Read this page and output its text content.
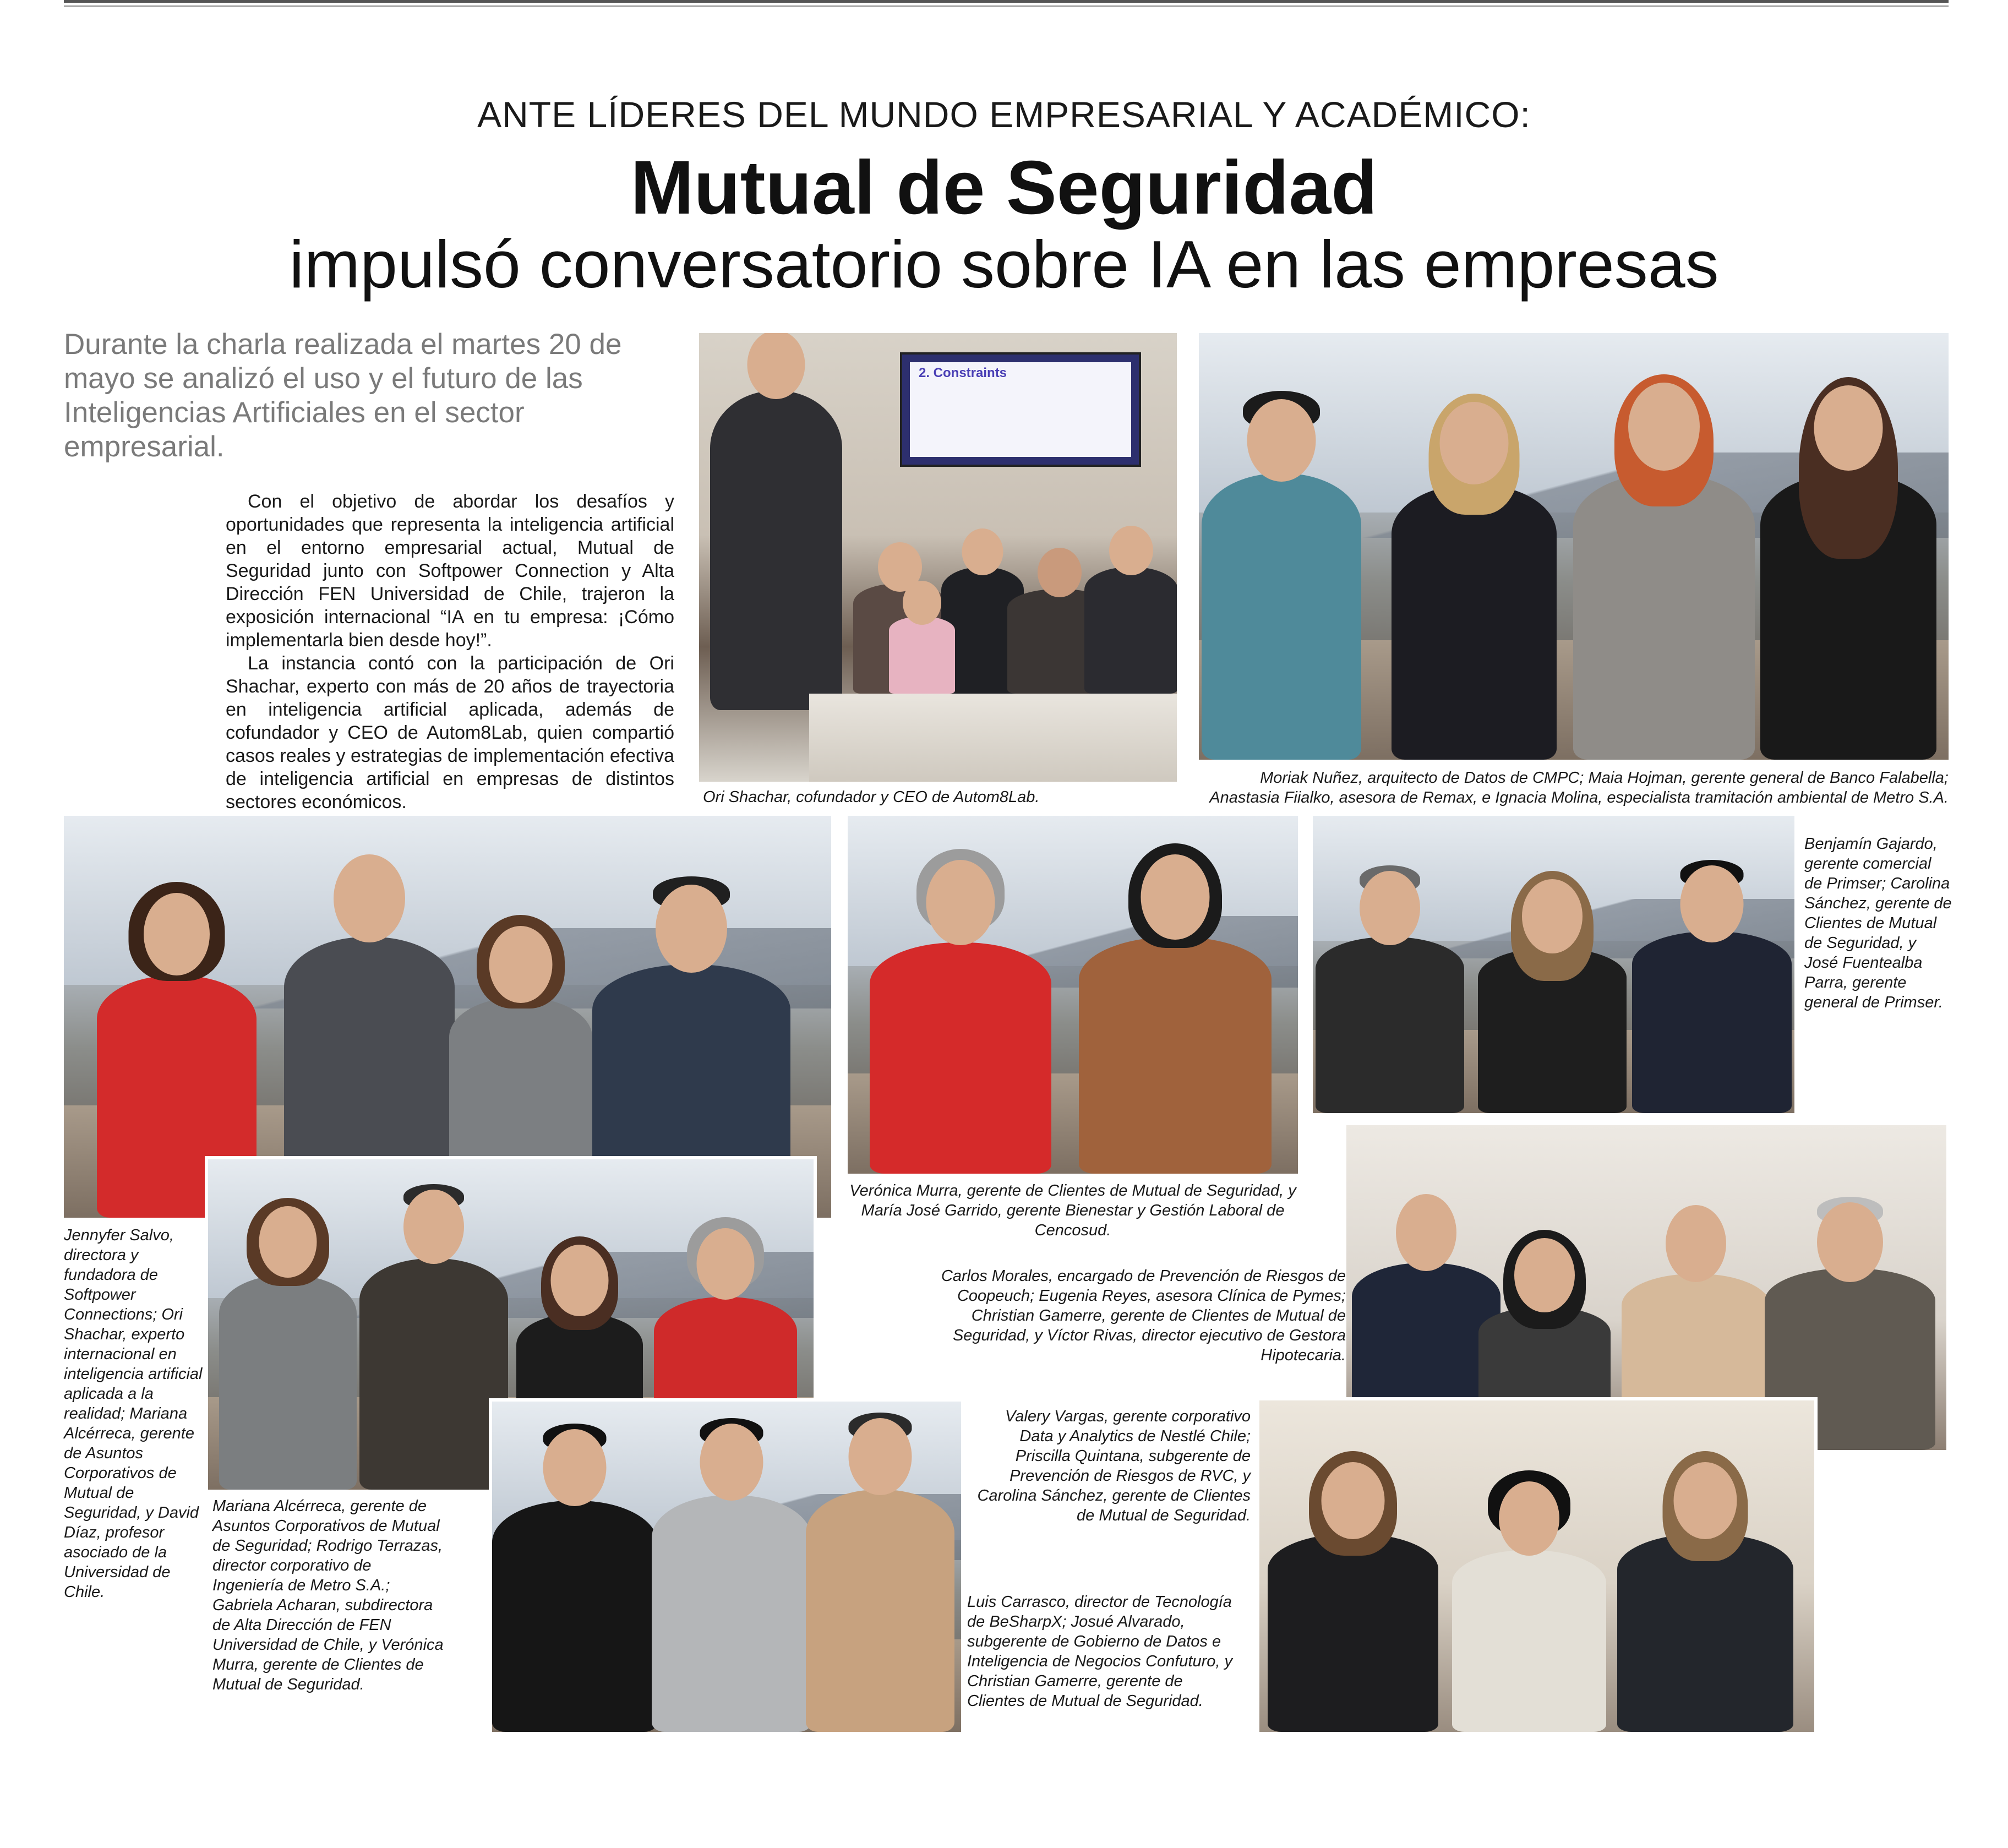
ANTE LÍDERES DEL MUNDO EMPRESARIAL Y ACADÉMICO:
Mutual de Seguridad
impulsó conversatorio sobre IA en las empresas

Durante la charla realizada el martes 20 de mayo se analizó el uso y el futuro de las Inteligencias Artificiales en el sector empresarial.

Con el objetivo de abordar los desafíos y oportunidades que representa la inteligencia artificial en el entorno empresarial actual, Mutual de Seguridad junto con Softpower Connection y Alta Dirección FEN Universidad de Chile, trajeron la exposición internacional “IA en tu empresa: ¡Cómo implementarla bien desde hoy!”.

La instancia contó con la participación de Ori Shachar, experto con más de 20 años de trayectoria en inteligencia artificial aplicada, además de cofundador y CEO de Autom8Lab, quien compartió casos reales y estrategias de implementación efectiva de inteligencia artificial en empresas de distintos sectores económicos.

2. Constraints

Ori Shachar, cofundador y CEO de Autom8Lab.

Moriak Nuñez, arquitecto de Datos de CMPC; Maia Hojman, gerente general de Banco Falabella; Anastasia Fiialko, asesora de Remax, e Ignacia Molina, especialista tramitación ambiental de Metro S.A.

Jennyfer Salvo, directora y fundadora de Softpower Connections; Ori Shachar, experto internacional en inteligencia artificial aplicada a la realidad; Mariana Alcérreca, gerente de Asuntos Corporativos de Mutual de Seguridad, y David Díaz, profesor asociado de la Universidad de Chile.

Verónica Murra, gerente de Clientes de Mutual de Seguridad, y María José Garrido, gerente Bienestar y Gestión Laboral de Cencosud.

Benjamín Gajardo, gerente comercial de Primser; Carolina Sánchez, gerente de Clientes de Mutual de Seguridad, y José Fuentealba Parra, gerente general de Primser.

Carlos Morales, encargado de Prevención de Riesgos de Coopeuch; Eugenia Reyes, asesora Clínica de Pymes; Christian Gamerre, gerente de Clientes de Mutual de Seguridad, y Víctor Rivas, director ejecutivo de Gestora Hipotecaria.

Mariana Alcérreca, gerente de Asuntos Corporativos de Mutual de Seguridad; Rodrigo Terrazas, director corporativo de Ingeniería de Metro S.A.; Gabriela Acharan, subdirectora de Alta Dirección de FEN Universidad de Chile, y Verónica Murra, gerente de Clientes de Mutual de Seguridad.

Luis Carrasco, director de Tecnología de BeSharpX; Josué Alvarado, subgerente de Gobierno de Datos e Inteligencia de Negocios Confuturo, y Christian Gamerre, gerente de Clientes de Mutual de Seguridad.

Valery Vargas, gerente corporativo Data y Analytics de Nestlé Chile; Priscilla Quintana, subgerente de Prevención de Riesgos de RVC, y Carolina Sánchez, gerente de Clientes de Mutual de Seguridad.
